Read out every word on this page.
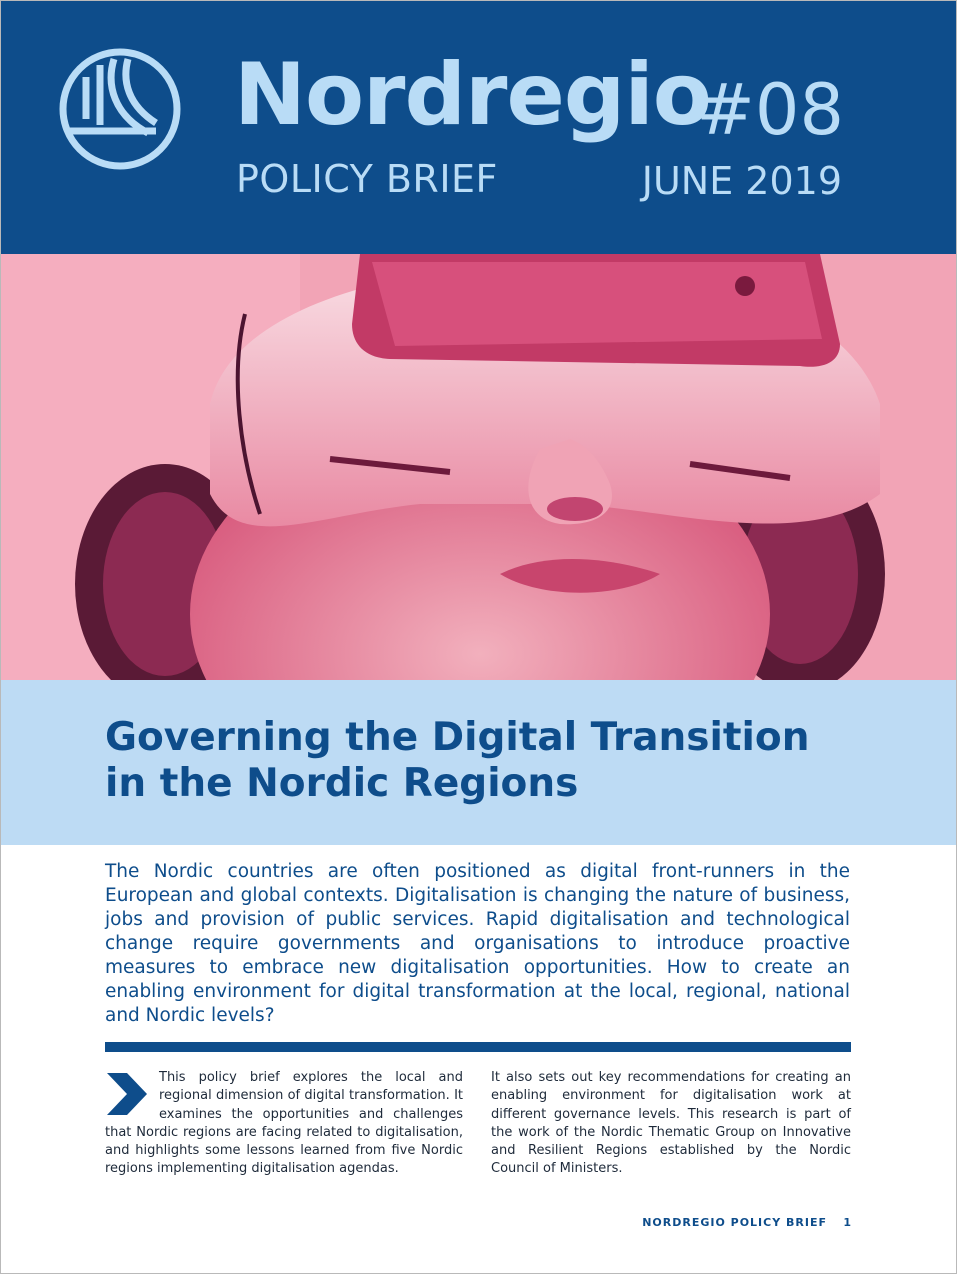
Nordregio
#08
POLICY BRIEF	JUNE 2019
Governing the Digital Transition
in the Nordic Regions
The Nordic countries are often positioned as digital front-runners in the European and global contexts. Digitalisation is changing the nature of business, jobs and provision of public services. Rapid digitalisation and technological change require governments and organisations to introduce proactive measures to embrace new digitalisation opportunities. How to create an enabling environment for digital transformation at the local, regional, national and Nordic levels?
This policy brief explores the local and regional dimension of digital transformation. It examines the opportunities and challenges that Nordic regions are facing related to digitalisation, and highlights some lessons learned from five Nordic regions implementing digitalisation agendas.
It also sets out key recommendations for creating an enabling environment for digitalisation work at different governance levels. This research is part of the work of the Nordic Thematic Group on Innovative and Resilient Regions established by the Nordic Council of Ministers.
NORDREGIO POLICY BRIEF 1
